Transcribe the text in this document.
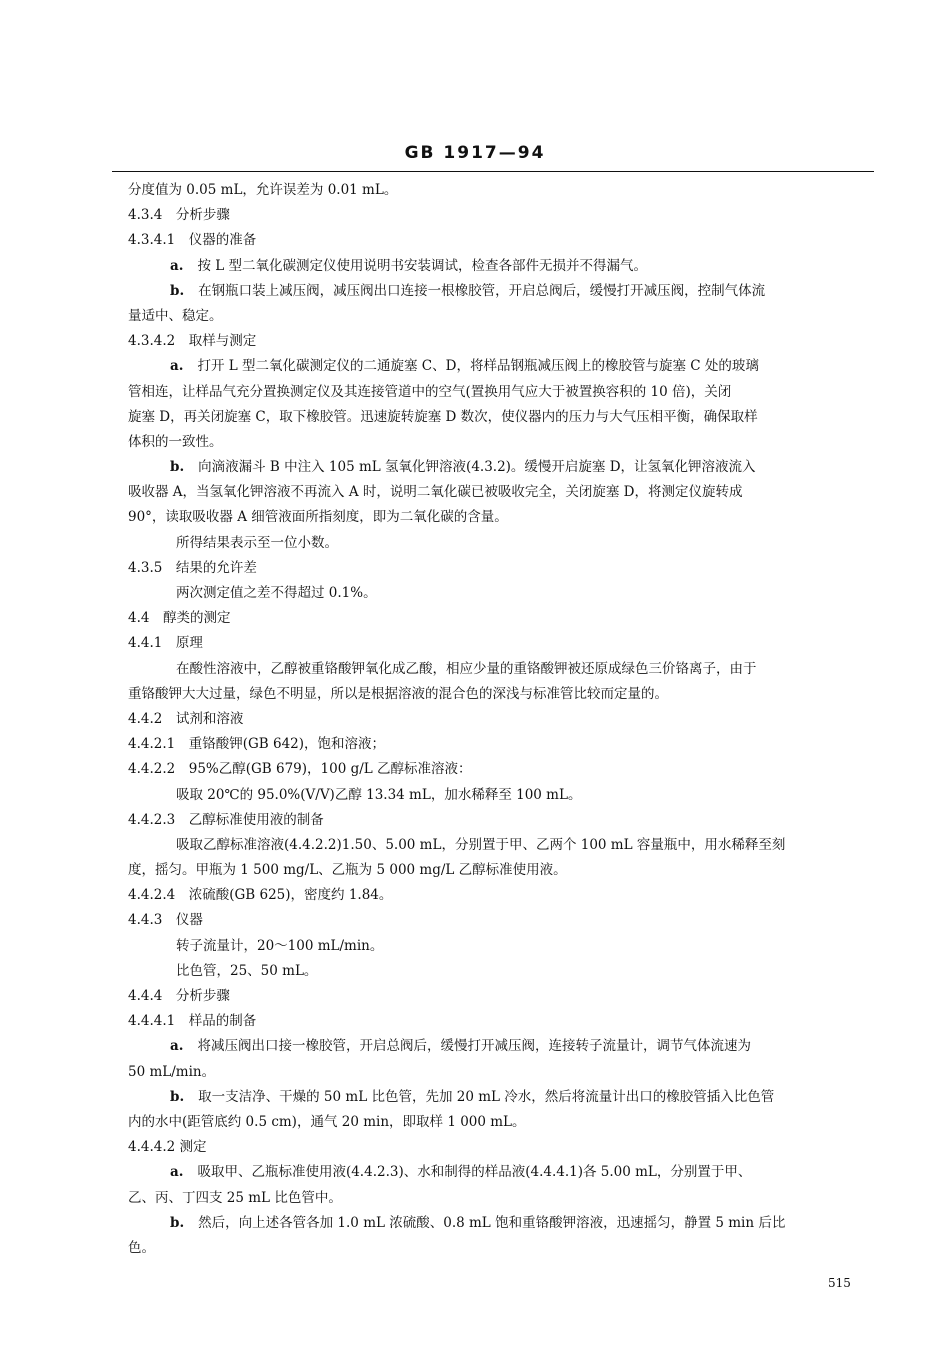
GB 1917—94
分度值为 0.05 mL，允许误差为 0.01 mL。
4.3.4　分析步骤
4.3.4.1　仪器的准备
a. 按 L 型二氧化碳测定仪使用说明书安装调试，检查各部件无损并不得漏气。
b. 在钢瓶口装上减压阀，减压阀出口连接一根橡胶管，开启总阀后，缓慢打开减压阀，控制气体流
量适中、稳定。
4.3.4.2　取样与测定
a. 打开 L 型二氧化碳测定仪的二通旋塞 C、D，将样品钢瓶减压阀上的橡胶管与旋塞 C 处的玻璃
管相连，让样品气充分置换测定仪及其连接管道中的空气(置换用气应大于被置换容积的 10 倍)，关闭
旋塞 D，再关闭旋塞 C，取下橡胶管。迅速旋转旋塞 D 数次，使仪器内的压力与大气压相平衡，确保取样
体积的一致性。
b. 向滴液漏斗 B 中注入 105 mL 氢氧化钾溶液(4.3.2)。缓慢开启旋塞 D，让氢氧化钾溶液流入
吸收器 A，当氢氧化钾溶液不再流入 A 时，说明二氧化碳已被吸收完全，关闭旋塞 D，将测定仪旋转成
90°，读取吸收器 A 细管液面所指刻度，即为二氧化碳的含量。
所得结果表示至一位小数。
4.3.5　结果的允许差
两次测定值之差不得超过 0.1%。
4.4　醇类的测定
4.4.1　原理
在酸性溶液中，乙醇被重铬酸钾氧化成乙酸，相应少量的重铬酸钾被还原成绿色三价铬离子，由于
重铬酸钾大大过量，绿色不明显，所以是根据溶液的混合色的深浅与标准管比较而定量的。
4.4.2　试剂和溶液
4.4.2.1　重铬酸钾(GB 642)，饱和溶液；
4.4.2.2　95%乙醇(GB 679)，100 g/L 乙醇标准溶液：
吸取 20℃的 95.0%(V/V)乙醇 13.34 mL，加水稀释至 100 mL。
4.4.2.3　乙醇标准使用液的制备
吸取乙醇标准溶液(4.4.2.2)1.50、5.00 mL，分别置于甲、乙两个 100 mL 容量瓶中，用水稀释至刻
度，摇匀。甲瓶为 1 500 mg/L、乙瓶为 5 000 mg/L 乙醇标准使用液。
4.4.2.4　浓硫酸(GB 625)，密度约 1.84。
4.4.3　仪器
转子流量计，20～100 mL/min。
比色管，25、50 mL。
4.4.4　分析步骤
4.4.4.1　样品的制备
a. 将减压阀出口接一橡胶管，开启总阀后，缓慢打开减压阀，连接转子流量计，调节气体流速为
50 mL/min。
b. 取一支洁净、干燥的 50 mL 比色管，先加 20 mL 冷水，然后将流量计出口的橡胶管插入比色管
内的水中(距管底约 0.5 cm)，通气 20 min，即取样 1 000 mL。
4.4.4.2 测定
a. 吸取甲、乙瓶标准使用液(4.4.2.3)、水和制得的样品液(4.4.4.1)各 5.00 mL，分别置于甲、
乙、丙、丁四支 25 mL 比色管中。
b. 然后，向上述各管各加 1.0 mL 浓硫酸、0.8 mL 饱和重铬酸钾溶液，迅速摇匀，静置 5 min 后比
色。
515
